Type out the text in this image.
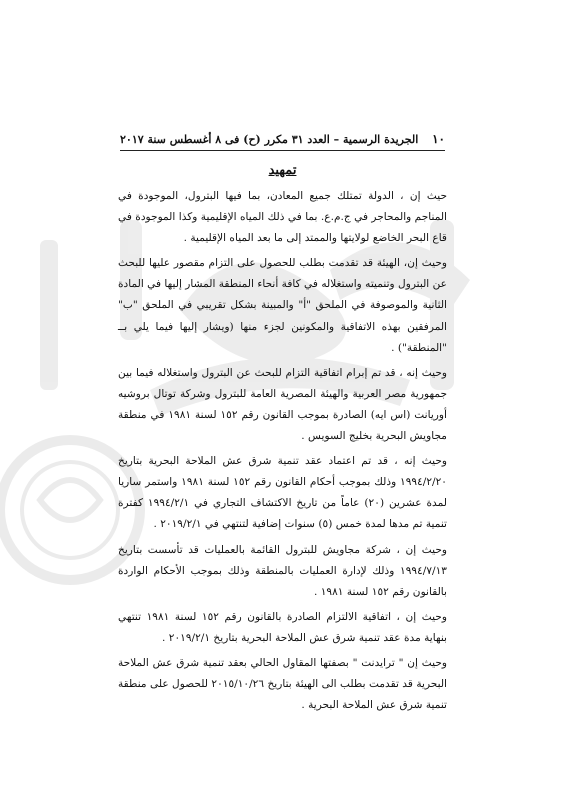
١٠
الجريدة الرسمية – العدد ٣١ مكرر (ح) فى ٨ أغسطس سنة ٢٠١٧
تمهيد

حيث إن ، الدولة تمتلك جميع المعادن، بما فيها البترول، الموجودة في المناجم والمحاجر في ج.م.ع. بما في ذلك المياه الإقليمية وكذا الموجودة في قاع البحر الخاضع لولايتها والممتد إلى ما بعد المياه الإقليمية .

وحيث إن، الهيئة قد تقدمت بطلب للحصول على التزام مقصور عليها للبحث عن البترول وتنميته واستغلاله في كافة أنحاء المنطقة المشار إليها في المادة الثانية والموصوفة في الملحق "أ" والمبينة بشكل تقريبي في الملحق "ب" المرفقين بهذه الاتفاقية والمكونين لجزء منها (ويشار إليها فيما يلي بــ "المنطقة") .

وحيث إنه ، قد تم إبرام اتفاقية التزام للبحث عن البترول واستغلاله فيما بين جمهورية مصر العربية والهيئة المصرية العامة للبترول وشركة توتال بروشيه أوريانت (اس ايه) الصادرة بموجب القانون رقم ١٥٢ لسنة ١٩٨١ في منطقة مجاويش البحرية بخليج السويس .

وحيث إنه ، قد تم اعتماد عقد تنمية شرق عش الملاحة البحرية بتاريخ ١٩٩٤/٢/٢٠ وذلك بموجب أحكام القانون رقم ١٥٢ لسنة ١٩٨١ واستمر ساريا لمدة عشرين (٢٠) عاماً من تاريخ الاكتشاف التجاري في ١٩٩٤/٢/١ كفترة تنمية تم مدها لمدة خمس (٥) سنوات إضافية لتنتهي في ٢٠١٩/٢/١ .

وحيث إن ، شركة مجاويش للبترول القائمة بالعمليات قد تأسست بتاريخ ١٩٩٤/٧/١٣ وذلك لإدارة العمليات بالمنطقة وذلك بموجب الأحكام الواردة بالقانون رقم ١٥٢ لسنة ١٩٨١ .

وحيث إن ، اتفاقية الالتزام الصادرة بالقانون رقم ١٥٢ لسنة ١٩٨١ تنتهي بنهاية مدة عقد تنمية شرق عش الملاحة البحرية بتاريخ ٢٠١٩/٢/١ .

وحيث إن " ترايدنت " بصفتها المقاول الحالي بعقد تنمية شرق عش الملاحة البحرية قد تقدمت بطلب الى الهيئة بتاريخ ٢٠١٥/١٠/٢٦ للحصول على منطقة تنمية شرق عش الملاحة البحرية .
